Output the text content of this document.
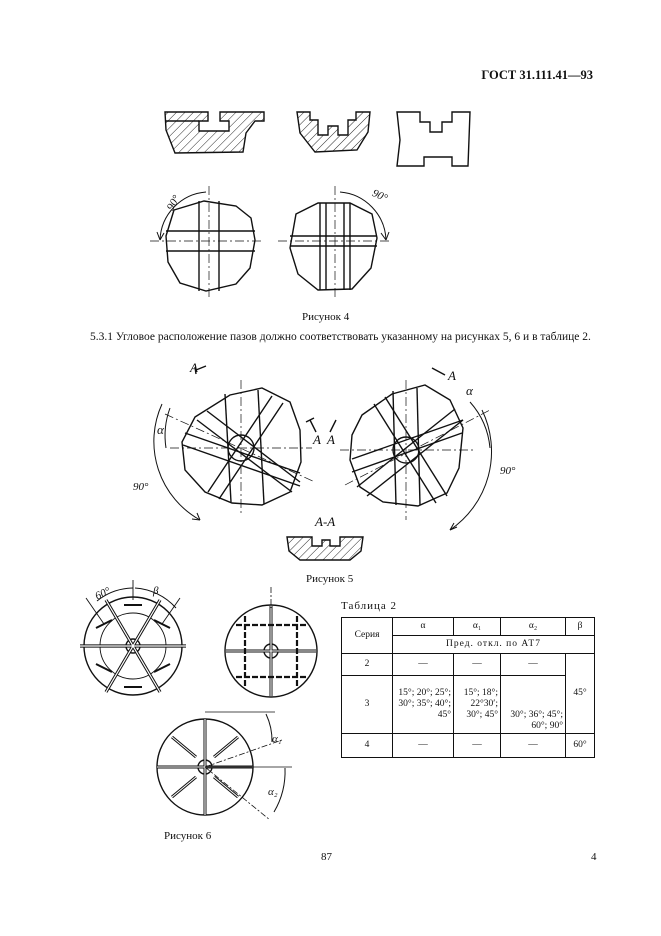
ГОСТ 31.111.41—93
90°	90°
А
А
А А
α
α
90°
90°
А-А
60°	β
α₁
α₂
Рисунок 4
5.3.1 Угловое расположение пазов должно соответствовать указанному на рисунках 5, 6 и в таблице 2.
Рисунок 5
Рисунок 6
Таблица 2
Серия	α	α₁	α₂	β
	Пред. откл. по АТ7			
2	—	—	—	45°
3	15°; 20°; 25°; 30°; 35°; 40°; 45°	15°; 18°; 22°30′; 30°; 45°	30°; 36°; 45°; 60°; 90°	
4	—	—	—	60°
87	4
